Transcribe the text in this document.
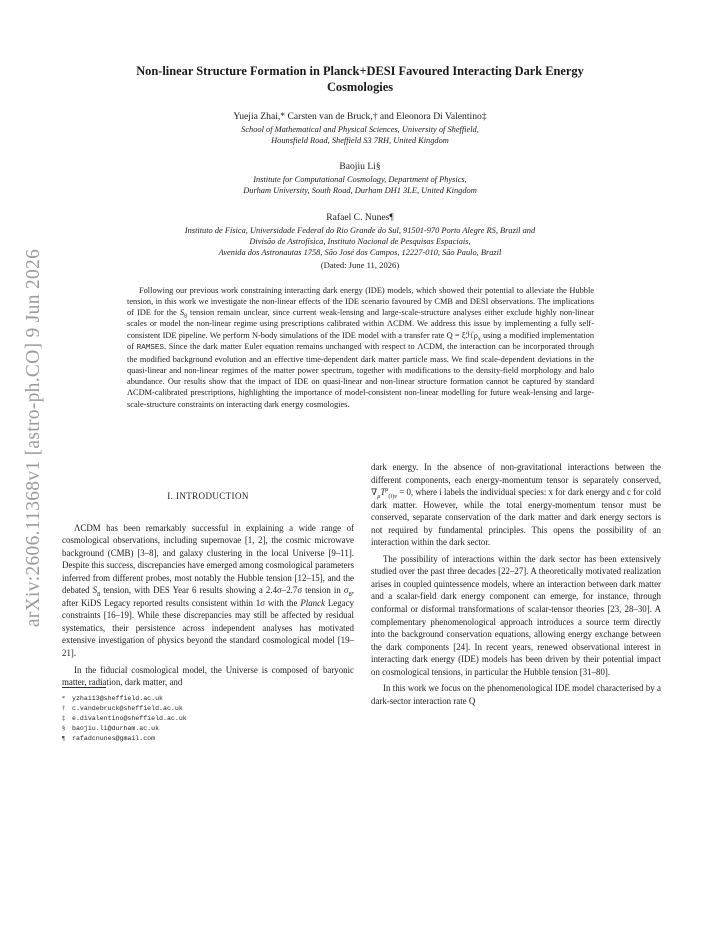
arXiv:2606.11368v1 [astro-ph.CO] 9 Jun 2026
Non-linear Structure Formation in Planck+DESI Favoured Interacting Dark Energy
Cosmologies
Yuejia Zhai,* Carsten van de Bruck,† and Eleonora Di Valentino‡
School of Mathematical and Physical Sciences, University of Sheffield,
Hounsfield Road, Sheffield S3 7RH, United Kingdom
Baojiu Li§
Institute for Computational Cosmology, Department of Physics,
Durham University, South Road, Durham DH1 3LE, United Kingdom
Rafael C. Nunes¶
Instituto de Física, Universidade Federal do Rio Grande do Sul, 91501-970 Porto Alegre RS, Brazil and
Divisão de Astrofísica, Instituto Nacional de Pesquisas Espaciais,
Avenida dos Astronautas 1758, São José dos Campos, 12227-010, São Paulo, Brazil
(Dated: June 11, 2026)
Following our previous work constraining interacting dark energy (IDE) models, which showed their potential to alleviate the Hubble tension, in this work we investigate the non-linear effects of the IDE scenario favoured by CMB and DESI observations. The implications of IDE for the $S_8$ tension remain unclear, since current weak-lensing and large-scale-structure analyses either exclude highly non-linear scales or model the non-linear regime using prescriptions calibrated within ΛCDM. We address this issue by implementing a fully self-consistent IDE pipeline. We perform N-body simulations of the IDE model with a transfer rate Q = ξℋρ$_x$ using a modified implementation of RAMSES. Since the dark matter Euler equation remains unchanged with respect to ΛCDM, the interaction can be incorporated through the modified background evolution and an effective time-dependent dark matter particle mass. We find scale-dependent deviations in the quasi-linear and non-linear regimes of the matter power spectrum, together with modifications to the density-field morphology and halo abundance. Our results show that the impact of IDE on quasi-linear and non-linear structure formation cannot be captured by standard ΛCDM-calibrated prescriptions, highlighting the importance of model-consistent non-linear modelling for future weak-lensing and large-scale-structure constraints on interacting dark energy cosmologies.

I. INTRODUCTION

ΛCDM has been remarkably successful in explaining a wide range of cosmological observations, including supernovae [1, 2], the cosmic microwave background (CMB) [3–8], and galaxy clustering in the local Universe [9–11]. Despite this success, discrepancies have emerged among cosmological parameters inferred from different probes, most notably the Hubble tension [12–15], and the debated $S_8$ tension, with DES Year 6 results showing a 2.4σ–2.7σ tension in $\sigma_8$, after KiDS Legacy reported results consistent within 1σ with the Planck Legacy constraints [16–19]. While these discrepancies may still be affected by residual systematics, their persistence across independent analyses has motivated extensive investigation of physics beyond the standard cosmological model [19–21].

In the fiducial cosmological model, the Universe is composed of baryonic matter, radiation, dark matter, and

dark energy. In the absence of non-gravitational interactions between the different components, each energy-momentum tensor is separately conserved, $\nabla_\mu T^\mu_{(i)\nu} = 0$, where i labels the individual species: x for dark energy and c for cold dark matter. However, while the total energy-momentum tensor must be conserved, separate conservation of the dark matter and dark energy sectors is not required by fundamental principles. This opens the possibility of an interaction within the dark sector.

The possibility of interactions within the dark sector has been extensively studied over the past three decades [22–27]. A theoretically motivated realization arises in coupled quintessence models, where an interaction between dark matter and a scalar-field dark energy component can emerge, for instance, through conformal or disformal transformations of scalar-tensor theories [23, 28–30]. A complementary phenomenological approach introduces a source term directly into the background conservation equations, allowing energy exchange between the dark components [24]. In recent years, renewed observational interest in interacting dark energy (IDE) models has been driven by their potential impact on cosmological tensions, in particular the Hubble tension [31–80].

In this work we focus on the phenomenological IDE model characterised by a dark-sector interaction rate Q

* yzhai13@sheffield.ac.uk
† c.vandebruck@sheffield.ac.uk
‡ e.divalentino@sheffield.ac.uk
§ baojiu.li@durham.ac.uk
¶ rafadcnunes@gmail.com
